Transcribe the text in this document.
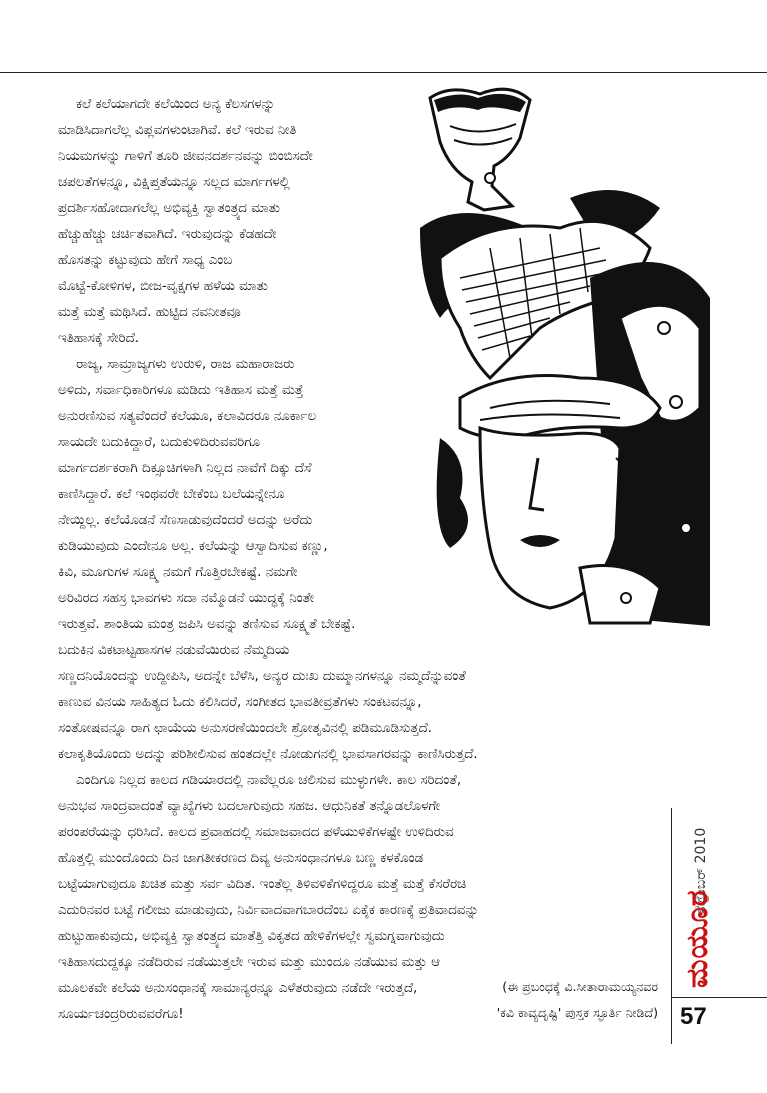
ಕಲೆ ಕಲೆಯಾಗದೇ ಕಲೆಯಿಂದ ಅನ್ಯ ಕೆಲಸಗಳನ್ನು
ಮಾಡಿಸಿದಾಗಲೆಲ್ಲ ವಿಪ್ಲವಗಳುಂಟಾಗಿವೆ. ಕಲೆ ಇರುವ ನೀತಿ
ನಿಯಮಗಳನ್ನು ಗಾಳಿಗೆ ತೂರಿ ಜೀವನದರ್ಶನವನ್ನು ಬಿಂಬಿಸದೇ
ಚಪಲತೆಗಳನ್ನೂ, ವಿಕ್ಷಿಪ್ತತೆಯನ್ನೂ ಸಲ್ಲದ ಮಾರ್ಗಗಳಲ್ಲಿ
ಪ್ರದರ್ಶಿಸಹೋದಾಗಲೆಲ್ಲ ಅಭಿವ್ಯಕ್ತಿ ಸ್ವಾತಂತ್ರ್ಯದ ಮಾತು
ಹೆಚ್ಚುಹೆಚ್ಚು ಚರ್ಚಿತವಾಗಿದೆ. ಇರುವುದನ್ನು ಕೆಡಹದೇ
ಹೊಸತನ್ನು ಕಟ್ಟುವುದು ಹೇಗೆ ಸಾಧ್ಯ ಎಂಬ
ಮೊಟ್ಟೆ-ಕೋಳಿಗಳ, ಬೀಜ-ವೃಕ್ಷಗಳ ಹಳೆಯ ಮಾತು
ಮತ್ತೆ ಮತ್ತೆ ಮಥಿಸಿದೆ. ಹುಟ್ಟಿದ ನವನೀತವೂ
ಇತಿಹಾಸಕ್ಕೆ ಸೇರಿದೆ.
ರಾಜ್ಯ, ಸಾಮ್ರಾಜ್ಯಗಳು ಉರುಳಿ, ರಾಜ ಮಹಾರಾಜರು
ಅಳಿದು, ಸರ್ವಾಧಿಕಾರಿಗಳೂ ಮಡಿದು ಇತಿಹಾಸ ಮತ್ತೆ ಮತ್ತೆ
ಅನುರಣಿಸುವ ಸತ್ಯವೆಂದರೆ ಕಲೆಯೂ, ಕಲಾವಿದರೂ ನೂರ್ಕಾಲ
ಸಾಯದೇ ಬದುಕಿದ್ದಾರೆ, ಬದುಕುಳಿದಿರುವವರಿಗೂ
ಮಾರ್ಗದರ್ಶಕರಾಗಿ ದಿಕ್ಸೂಚಿಗಳಾಗಿ ನಿಲ್ಲದ ನಾವೆಗೆ ದಿಕ್ಕು ದೆಸೆ
ಕಾಣಿಸಿದ್ದಾರೆ. ಕಲೆ ಇಂಥವರೇ ಬೇಕೆಂಬ ಬಲೆಯನ್ನೇನೂ
ನೇಯ್ದಿಲ್ಲ. ಕಲೆಯೊಡನೆ ಸೆಣಸಾಡುವುದೆಂದರೆ ಅದನ್ನು ಅರೆದು
ಕುಡಿಯುವುದು ಎಂದೇನೂ ಅಲ್ಲ. ಕಲೆಯನ್ನು ಆಸ್ವಾದಿಸುವ ಕಣ್ಣು,
ಕಿವಿ, ಮೂಗುಗಳ ಸೂಕ್ಷ್ಮ ನಮಗೆ ಗೊತ್ತಿರಬೇಕಷ್ಟೆ. ನಮಗೇ
ಅರಿವಿರದ ಸಹಸ್ರ ಭಾವಗಳು ಸದಾ ನಮ್ಮೊಡನೆ ಯುದ್ಧಕ್ಕೆ ನಿಂತೇ
ಇರುತ್ತವೆ. ಶಾಂತಿಯ ಮಂತ್ರ ಜಪಿಸಿ ಅವನ್ನು ತಣಿಸುವ ಸೂಕ್ಷ್ಮತೆ ಬೇಕಷ್ಟೆ.
ಬದುಕಿನ ವಿಕಟಾಟ್ಟಹಾಸಗಳ ನಡುವೆಯಿರುವ ನೆಮ್ಮದಿಯ
ಸಣ್ಣದನಿಯೊಂದನ್ನು ಉದ್ದೀಪಿಸಿ, ಅದನ್ನೇ ಬೆಳೆಸಿ, ಅನ್ಯರ ದುಃಖ ದುಮ್ಮಾನಗಳನ್ನೂ ನಮ್ಮದೆನ್ನುವಂತೆ
ಕಾಣುವ ವಿನಯ ಸಾಹಿತ್ಯದ ಓದು ಕಲಿಸಿದರೆ, ಸಂಗೀತದ ಭಾವತೀವ್ರತೆಗಳು ಸಂಕಟವನ್ನೂ,
ಸಂತೋಷವನ್ನೂ ರಾಗ ಛಾಯೆಯ ಅನುಸರಣೆಯಿಂದಲೇ ಶ್ರೋತೃವಿನಲ್ಲಿ ಪಡಿಮೂಡಿಸುತ್ತದೆ.
ಕಲಾಕೃತಿಯೊಂದು ಅದನ್ನು ಪರಿಶೀಲಿಸುವ ಹಂತದಲ್ಲೇ ನೋಡುಗನಲ್ಲಿ ಭಾವಸಾಗರವನ್ನು ಕಾಣಿಸಿರುತ್ತದೆ.
ಎಂದಿಗೂ ನಿಲ್ಲದ ಕಾಲದ ಗಡಿಯಾರದಲ್ಲಿ ನಾವೆಲ್ಲರೂ ಚಲಿಸುವ ಮುಳ್ಳುಗಳೇ. ಕಾಲ ಸರಿದಂತೆ,
ಅನುಭವ ಸಾಂದ್ರವಾದಂತೆ ವ್ಯಾಖ್ಯೆಗಳು ಬದಲಾಗುವುದು ಸಹಜ. ಆಧುನಿಕತೆ ತನ್ನೊಡಲೊಳಗೇ
ಪರಂಪರೆಯನ್ನು ಧರಿಸಿದೆ. ಕಾಲದ ಪ್ರವಾಹದಲ್ಲಿ ಸಮಾಜವಾದದ ಪಳೆಯುಳಿಕೆಗಳಷ್ಟೇ ಉಳಿದಿರುವ
ಹೊತ್ತಲ್ಲಿ ಮುಂದೊಂದು ದಿನ ಜಾಗತೀಕರಣದ ದಿವ್ಯ ಅನುಸಂಧಾನಗಳೂ ಬಣ್ಣ ಕಳಕೊಂಡ
ಬಟ್ಟೆಯಾಗುವುದೂ ಖಚಿತ ಮತ್ತು ಸರ್ವ ವಿದಿತ. ಇಂತೆಲ್ಲ ತಿಳಿವಳಿಕೆಗಳಿದ್ದರೂ ಮತ್ತೆ ಮತ್ತೆ ಕೆಸರೆರಚಿ
ಎದುರಿನವರ ಬಟ್ಟೆ ಗಲೀಜು ಮಾಡುವುದು, ನಿರ್ವಿವಾದವಾಗಬಾರದೆಂಬ ಏಕೈಕ ಕಾರಣಕ್ಕೆ ಪ್ರತಿವಾದವನ್ನು
ಹುಟ್ಟುಹಾಕುವುದು, ಅಭಿವ್ಯಕ್ತಿ ಸ್ವಾತಂತ್ರ್ಯದ ಮಾತೆತ್ತಿ ವಿಕೃತದ ಹೇಳಿಕೆಗಳಲ್ಲೇ ಸ್ವಮಗ್ನವಾಗುವುದು
ಇತಿಹಾಸದುದ್ದಕ್ಕೂ ನಡೆದಿರುವ ನಡೆಯುತ್ತಲೇ ಇರುವ ಮತ್ತು ಮುಂದೂ ನಡೆಯುವ ಮತ್ತು ಆ
ಮೂಲಕವೇ ಕಲೆಯ ಅನುಸಂಧಾನಕ್ಕೆ ಸಾಮಾನ್ಯರನ್ನೂ ಎಳೆತರುವುದು ನಡೆದೇ ಇರುತ್ತದೆ,
ಸೂರ್ಯಚಂದ್ರರಿರುವವರೆಗೂ!
(ಈ ಪ್ರಬಂಧಕ್ಕೆ ವಿ.ಸೀತಾರಾಮಯ್ಯನವರ
'ಕವಿ ಕಾವ್ಯದೃಷ್ಟಿ' ಪುಸ್ತಕ ಸ್ಫೂರ್ತಿ ನೀಡಿದೆ)
ಸೆಪ್ಟೆಂಬರ್ 2010
ಮಯೂರ
57
